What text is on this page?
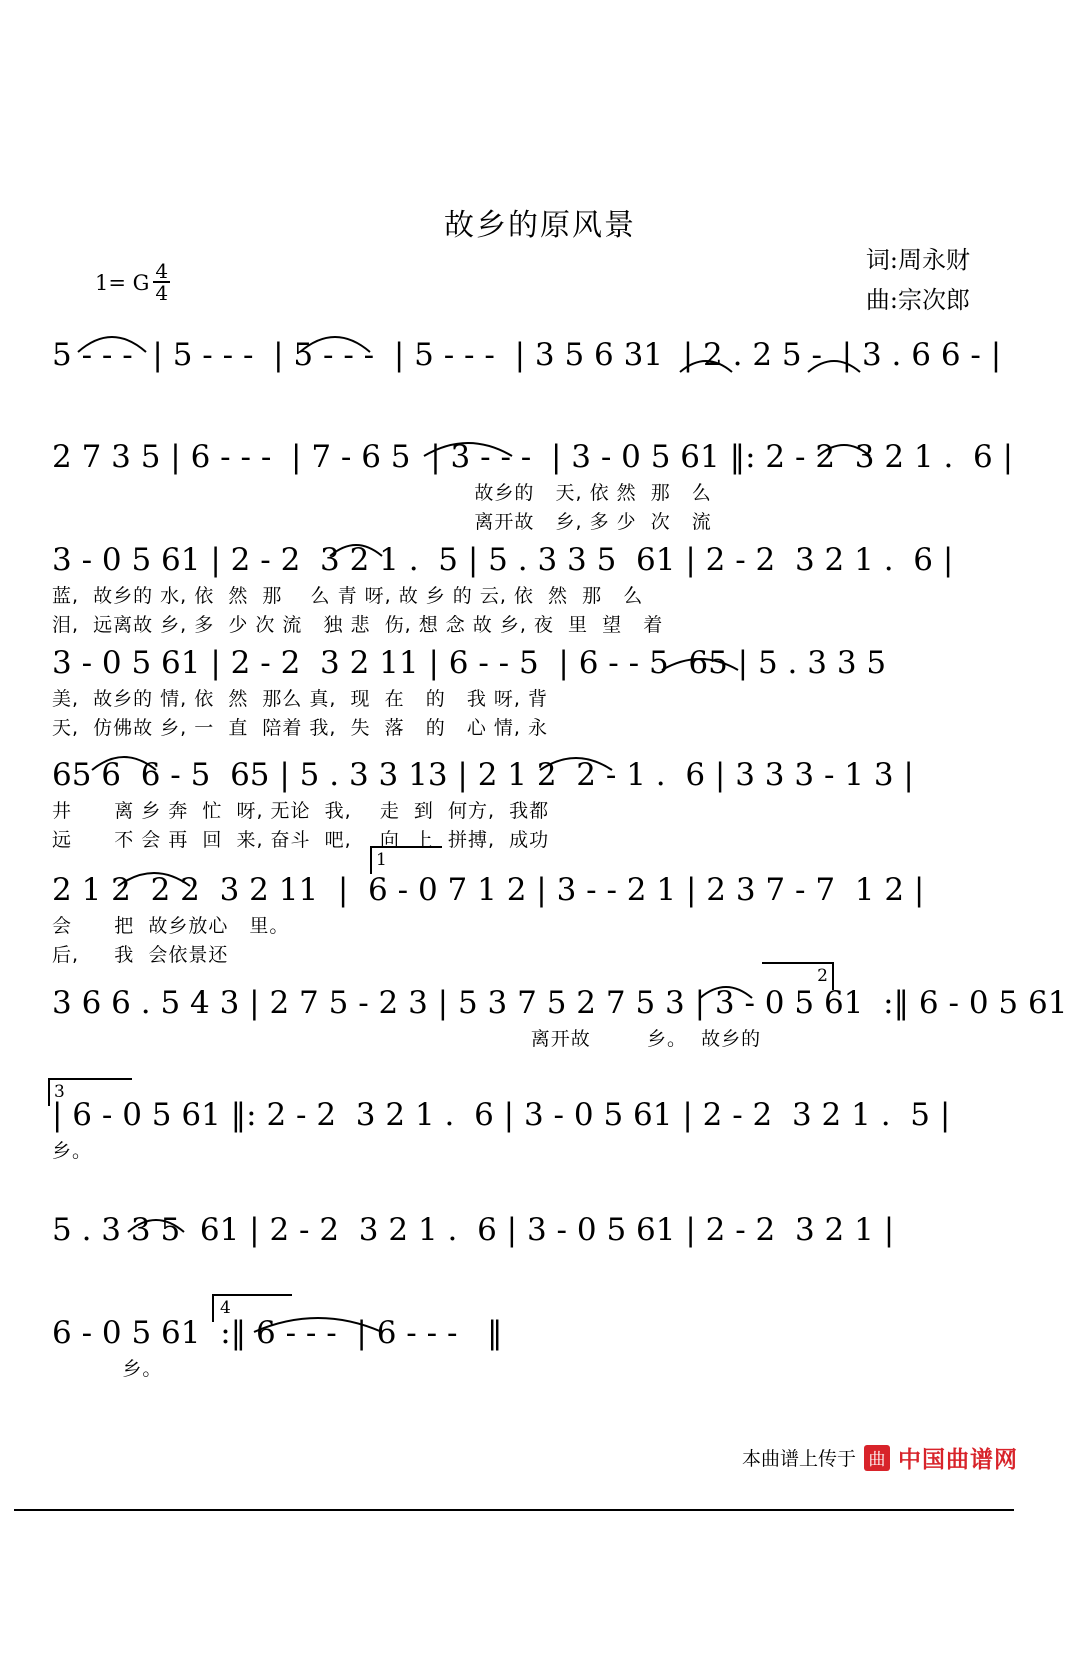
故乡的原风景
词:周永财
曲:宗次郎
1= G $\frac{4}{4}$
5 - - -  | 5 - - -  | 5 - - -  | 5 - - -  | 3 5 6 31  | 2 . 2 5 -  | 3 . 6 6 - |
2 7 3 5 | 6 - - -  | 7 - 6 5  | 3 - - -  | 3 - 0 5 61 ‖: 2 - 2  3 2 1 .  6 |
故乡的   天, 依 然  那   么
离开故   乡, 多 少  次   流
3 - 0 5 61 | 2 - 2  3 2 1 .  5 | 5 . 3 3 5  61 | 2 - 2  3 2 1 .  6 |
蓝,  故乡的 水, 依  然  那    么 青 呀, 故 乡 的 云, 依  然  那   么
泪,  远离故 乡, 多  少 次 流   独 悲  伤, 想 念 故 乡, 夜  里  望   着
3 - 0 5 61 | 2 - 2  3 2 11 | 6 - - 5  | 6 - - 5  65 | 5 . 3 3 5
美,  故乡的 情, 依  然  那么 真,  现  在   的   我 呀, 背
天,  仿佛故 乡, 一  直  陪着 我,  失  落   的   心 情, 永
65 6  6 - 5  65 | 5 . 3 3 13 | 2 1 2  2 - 1 .  6 | 3 3 3 - 1 3 |
井      离 乡 奔  忙  呀, 无论  我,    走  到  何方,  我都
远      不 会 再  回  来, 奋斗  吧,    向  上  拼搏,  成功
2 1 2  2 2  3 2 11  |  6 - 0 7 1 2 | 3 - - 2 1 | 2 3 7 - 7  1 2 |
会      把  故乡放心   里。
后,     我  会依景还
3 6 6 . 5 4 3 | 2 7 5 - 2 3 | 5 3 7 5 2 7 5 3 | 3 - 0 5 61  :‖ 6 - 0 5 61
离开故        乡。  故乡的
| 6 - 0 5 61 ‖: 2 - 2  3 2 1 .  6 | 3 - 0 5 61 | 2 - 2  3 2 1 .  5 |
乡。
5 . 3 3 5  61 | 2 - 2  3 2 1 .  6 | 3 - 0 5 61 | 2 - 2  3 2 1 |
6 - 0 5 61  :‖ 6 - - -  | 6 - - -   ‖
乡。
1
2
3
4
本曲谱上传于 曲 中国曲谱网
